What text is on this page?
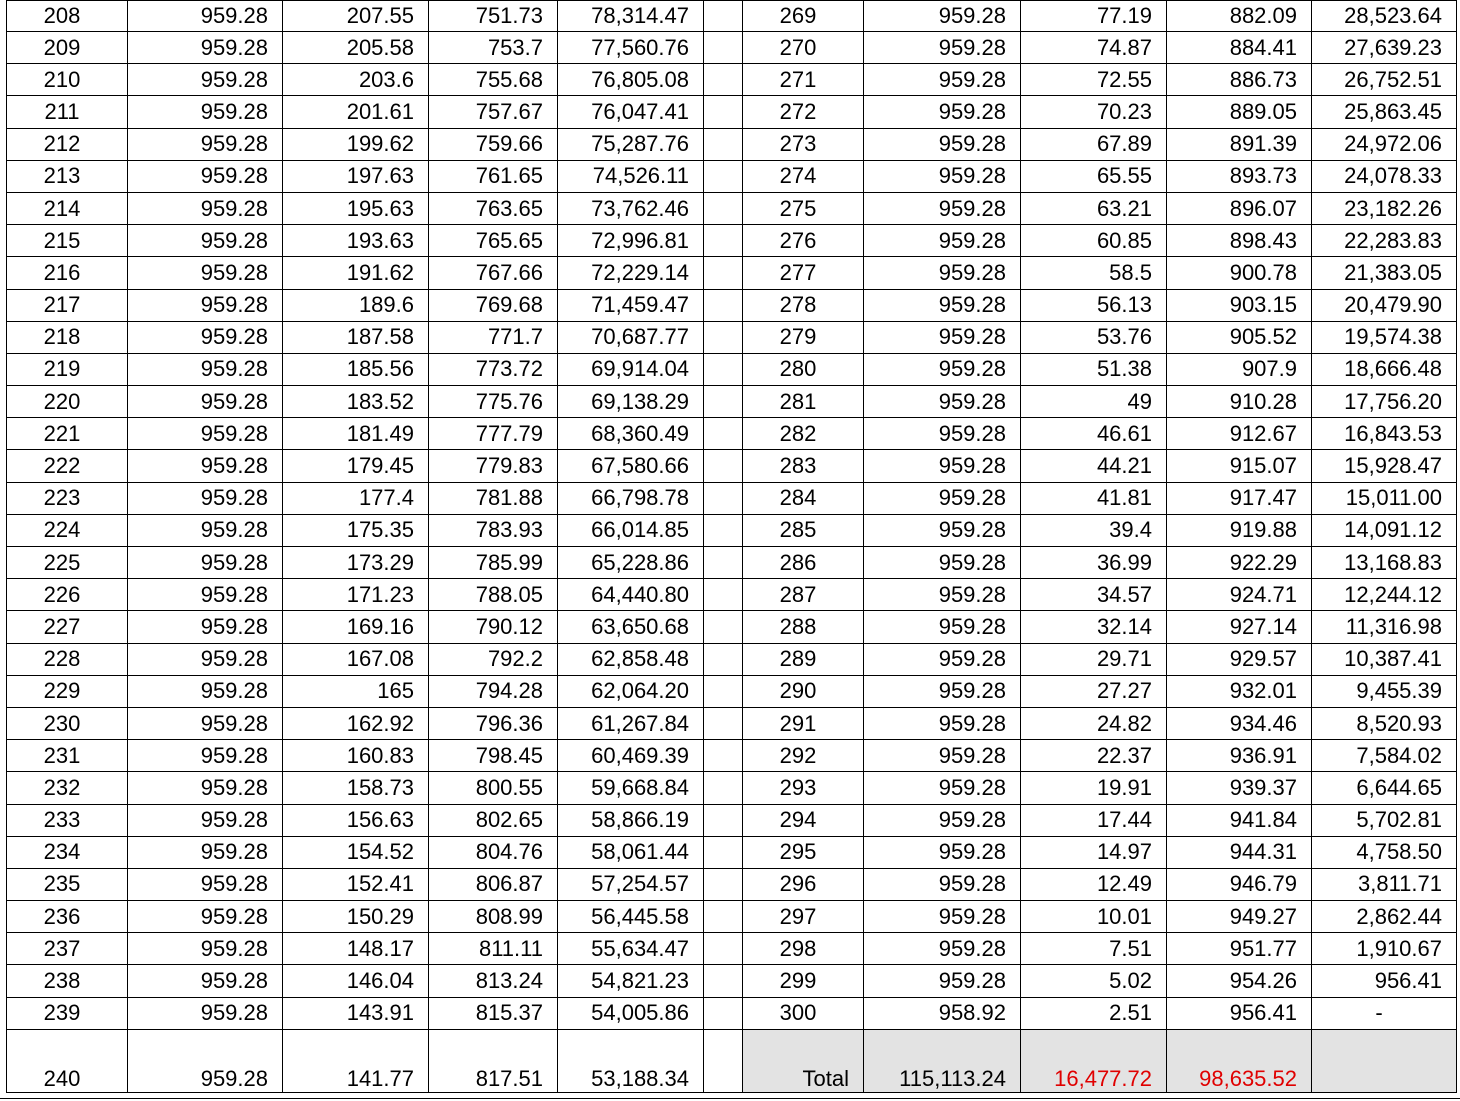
208	959.28	207.55	751.73	78,314.47		269	959.28	77.19	882.09	28,523.64
209	959.28	205.58	753.7	77,560.76		270	959.28	74.87	884.41	27,639.23
210	959.28	203.6	755.68	76,805.08		271	959.28	72.55	886.73	26,752.51
211	959.28	201.61	757.67	76,047.41		272	959.28	70.23	889.05	25,863.45
212	959.28	199.62	759.66	75,287.76		273	959.28	67.89	891.39	24,972.06
213	959.28	197.63	761.65	74,526.11		274	959.28	65.55	893.73	24,078.33
214	959.28	195.63	763.65	73,762.46		275	959.28	63.21	896.07	23,182.26
215	959.28	193.63	765.65	72,996.81		276	959.28	60.85	898.43	22,283.83
216	959.28	191.62	767.66	72,229.14		277	959.28	58.5	900.78	21,383.05
217	959.28	189.6	769.68	71,459.47		278	959.28	56.13	903.15	20,479.90
218	959.28	187.58	771.7	70,687.77		279	959.28	53.76	905.52	19,574.38
219	959.28	185.56	773.72	69,914.04		280	959.28	51.38	907.9	18,666.48
220	959.28	183.52	775.76	69,138.29		281	959.28	49	910.28	17,756.20
221	959.28	181.49	777.79	68,360.49		282	959.28	46.61	912.67	16,843.53
222	959.28	179.45	779.83	67,580.66		283	959.28	44.21	915.07	15,928.47
223	959.28	177.4	781.88	66,798.78		284	959.28	41.81	917.47	15,011.00
224	959.28	175.35	783.93	66,014.85		285	959.28	39.4	919.88	14,091.12
225	959.28	173.29	785.99	65,228.86		286	959.28	36.99	922.29	13,168.83
226	959.28	171.23	788.05	64,440.80		287	959.28	34.57	924.71	12,244.12
227	959.28	169.16	790.12	63,650.68		288	959.28	32.14	927.14	11,316.98
228	959.28	167.08	792.2	62,858.48		289	959.28	29.71	929.57	10,387.41
229	959.28	165	794.28	62,064.20		290	959.28	27.27	932.01	9,455.39
230	959.28	162.92	796.36	61,267.84		291	959.28	24.82	934.46	8,520.93
231	959.28	160.83	798.45	60,469.39		292	959.28	22.37	936.91	7,584.02
232	959.28	158.73	800.55	59,668.84		293	959.28	19.91	939.37	6,644.65
233	959.28	156.63	802.65	58,866.19		294	959.28	17.44	941.84	5,702.81
234	959.28	154.52	804.76	58,061.44		295	959.28	14.97	944.31	4,758.50
235	959.28	152.41	806.87	57,254.57		296	959.28	12.49	946.79	3,811.71
236	959.28	150.29	808.99	56,445.58		297	959.28	10.01	949.27	2,862.44
237	959.28	148.17	811.11	55,634.47		298	959.28	7.51	951.77	1,910.67
238	959.28	146.04	813.24	54,821.23		299	959.28	5.02	954.26	956.41
239	959.28	143.91	815.37	54,005.86		300	958.92	2.51	956.41	-
240	959.28	141.77	817.51	53,188.34		Total	115,113.24	16,477.72	98,635.52	
